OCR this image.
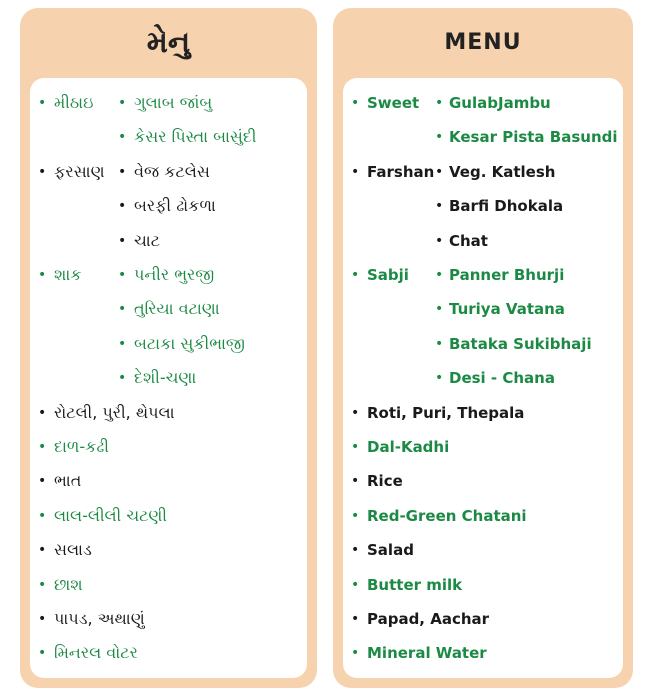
મેનુ
• મીઠાઇ • ગુલાબ જાંબુ
• કેસર પિસ્તા બાસુંદી
• ફરસાણ • વેજ કટલેસ
• બરફી ઢોકળા
• ચાટ
• શાક	• પનીર ભુરજી
• તુરિયા વટાણા
• બટાકા સુકીભાજી
• દેશી-ચણા
• રોટલી, પુરી, થેપલા
• દાળ-કઢી
• ભાત
• લાલ-લીલી ચટણી
• સલાડ
• છાશ
• પાપડ, અથાણું
• મિનરલ વોટર
MENU
• Sweet • GulabJambu
• Kesar Pista Basundi
• Farshan • Veg. Katlesh
• Barfi Dhokala
• Chat
• Sabji • Panner Bhurji
• Turiya Vatana
• Bataka Sukibhaji
• Desi - Chana
• Roti, Puri, Thepala
• Dal-Kadhi
• Rice
• Red-Green Chatani
• Salad
• Butter milk
• Papad, Aachar
• Mineral Water
